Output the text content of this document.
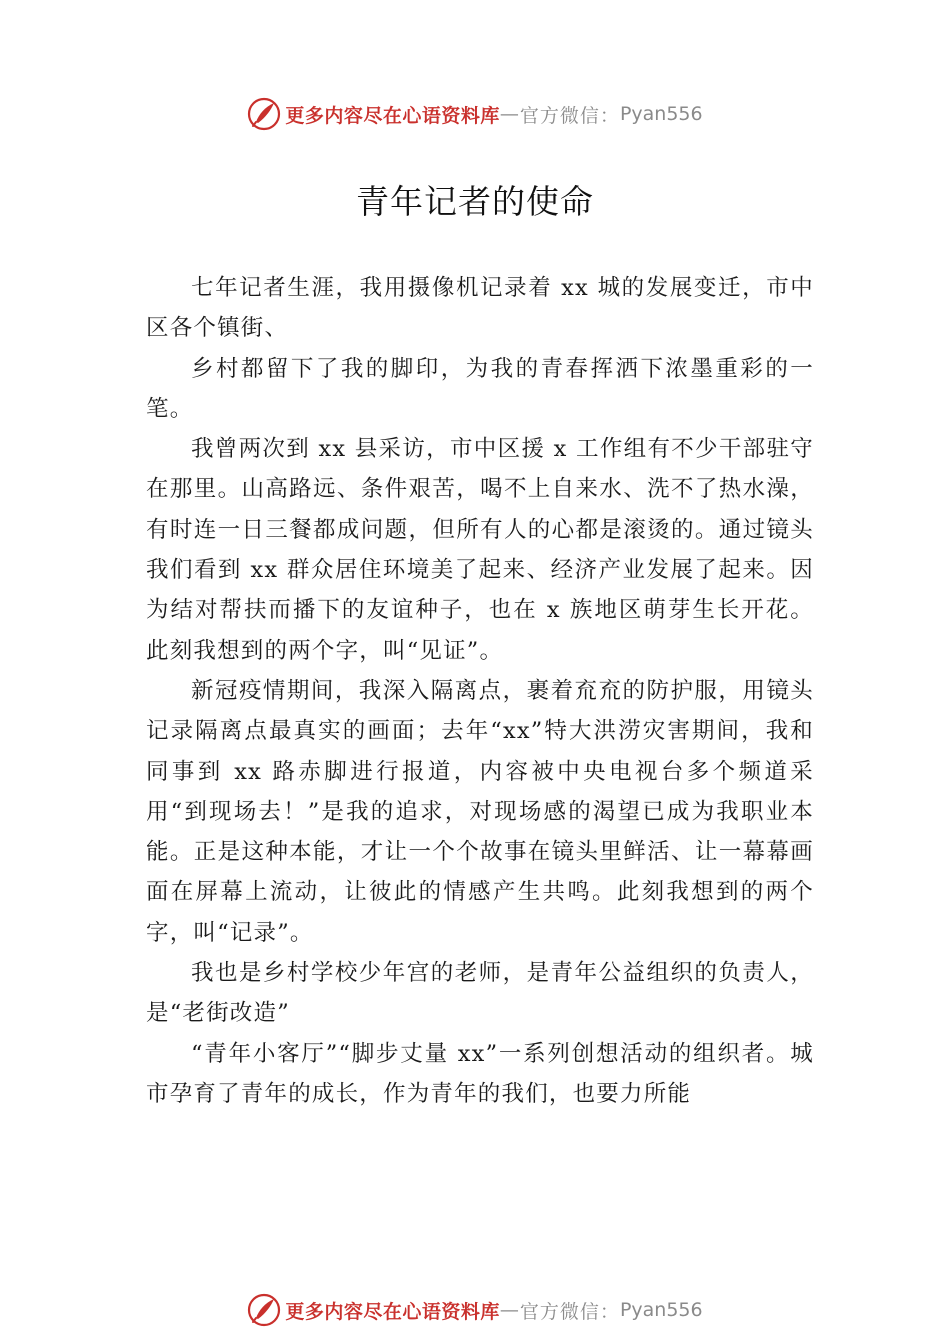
更多内容尽在心语资料库 — 官方微信： Pyan556
青年记者的使命

七年记者生涯，我用摄像机记录着 xx 城的发展变迁，市中区各个镇街、

乡村都留下了我的脚印，为我的青春挥洒下浓墨重彩的一笔。

我曾两次到 xx 县采访，市中区援 x 工作组有不少干部驻守在那里。山高路远、条件艰苦，喝不上自来水、洗不了热水澡，有时连一日三餐都成问题，但所有人的心都是滚烫的。通过镜头我们看到 xx 群众居住环境美了起来、经济产业发展了起来。因为结对帮扶而播下的友谊种子，也在 x 族地区萌芽生长开花。此刻我想到的两个字，叫“见证”。

新冠疫情期间，我深入隔离点，裹着㐬㐬的防护服，用镜头记录隔离点最真实的画面；去年“xx”特大洪涝灾害期间，我和同事到 xx 路赤脚进行报道，内容被中央电视台多个频道采用“到现场去！”是我的追求，对现场感的渴望已成为我职业本能。正是这种本能，才让一个个故事在镜头里鲜活、让一幕幕画面在屏幕上流动，让彼此的情感产生共鸣。此刻我想到的两个字，叫“记录”。

我也是乡村学校少年宫的老师，是青年公益组织的负责人，是“老街改造”

“青年小客厅”“脚步丈量 xx”一系列创想活动的组织者。城市孕育了青年的成长，作为青年的我们，也要力所能

更多内容尽在心语资料库 — 官方微信： Pyan556
